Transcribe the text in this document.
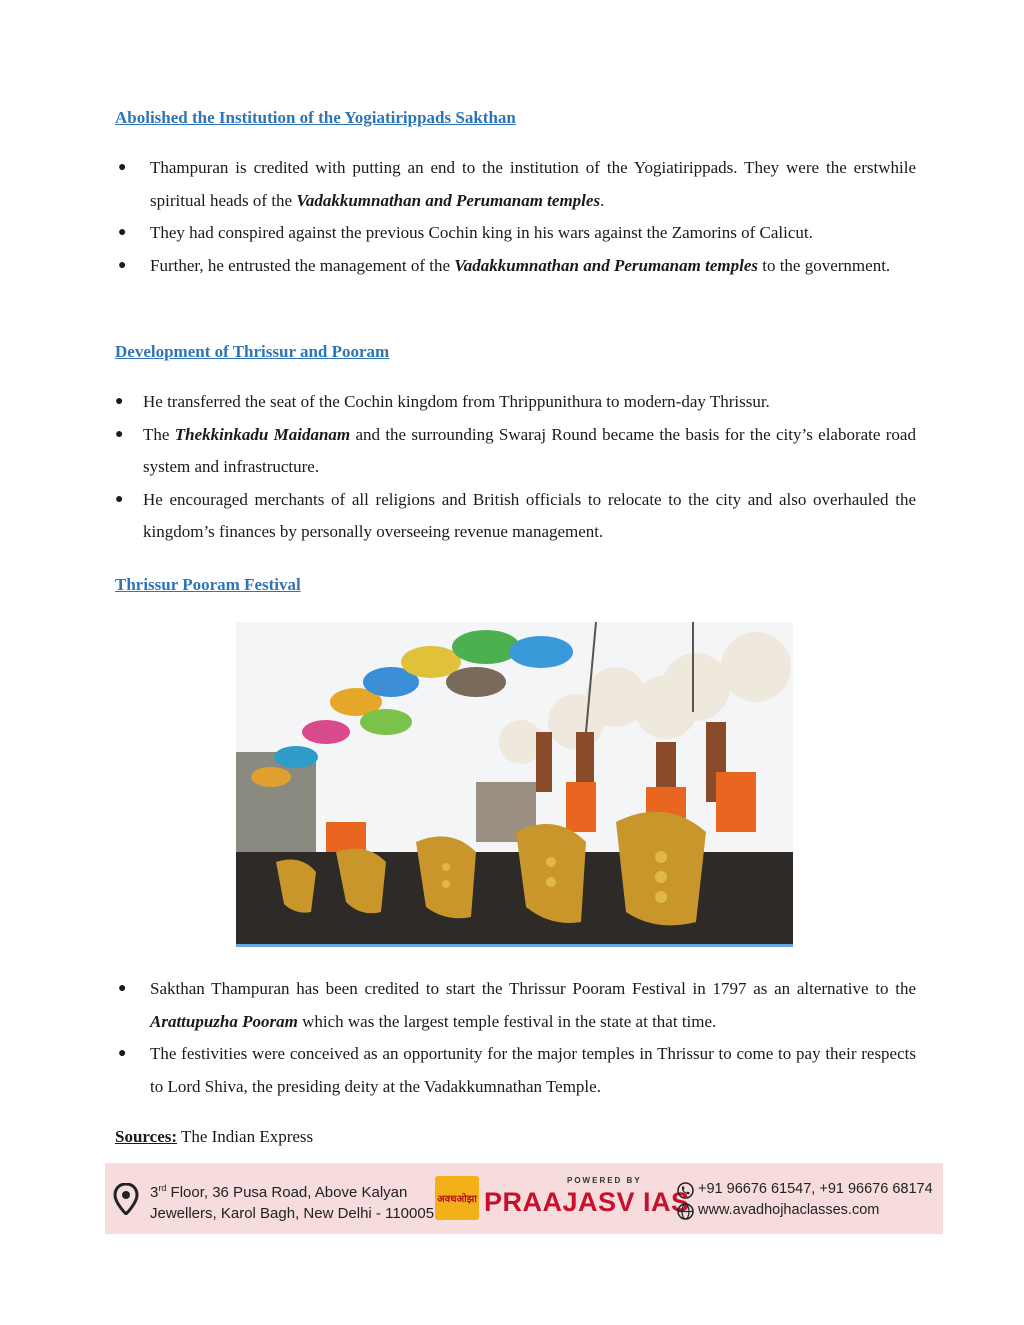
Abolished the Institution of the Yogiatirippads Sakthan
● Thampuran is credited with putting an end to the institution of the Yogiatirippads. They were the erstwhile spiritual heads of the Vadakkumnathan and Perumanam temples.
● They had conspired against the previous Cochin king in his wars against the Zamorins of Calicut.
● Further, he entrusted the management of the Vadakkumnathan and Perumanam temples to the government.
Development of Thrissur and Pooram
● He transferred the seat of the Cochin kingdom from Thrippunithura to modern-day Thrissur.
● The Thekkinkadu Maidanam and the surrounding Swaraj Round became the basis for the city’s elaborate road system and infrastructure.
● He encouraged merchants of all religions and British officials to relocate to the city and also overhauled the kingdom’s finances by personally overseeing revenue management.
Thrissur Pooram Festival
● Sakthan Thampuran has been credited to start the Thrissur Pooram Festival in 1797 as an alternative to the Arattupuzha Pooram which was the largest temple festival in the state at that time.
● The festivities were conceived as an opportunity for the major temples in Thrissur to come to pay their respects to Lord Shiva, the presiding deity at the Vadakkumnathan Temple.
Sources: The Indian Express
3rd Floor, 36 Pusa Road, Above Kalyan
Jewellers, Karol Bagh, New Delhi - 110005
अवधओझा
POWERED BY
PRAAJASV IAS +91 96676 61547, +91 96676 68174
www.avadhojhaclasses.com
